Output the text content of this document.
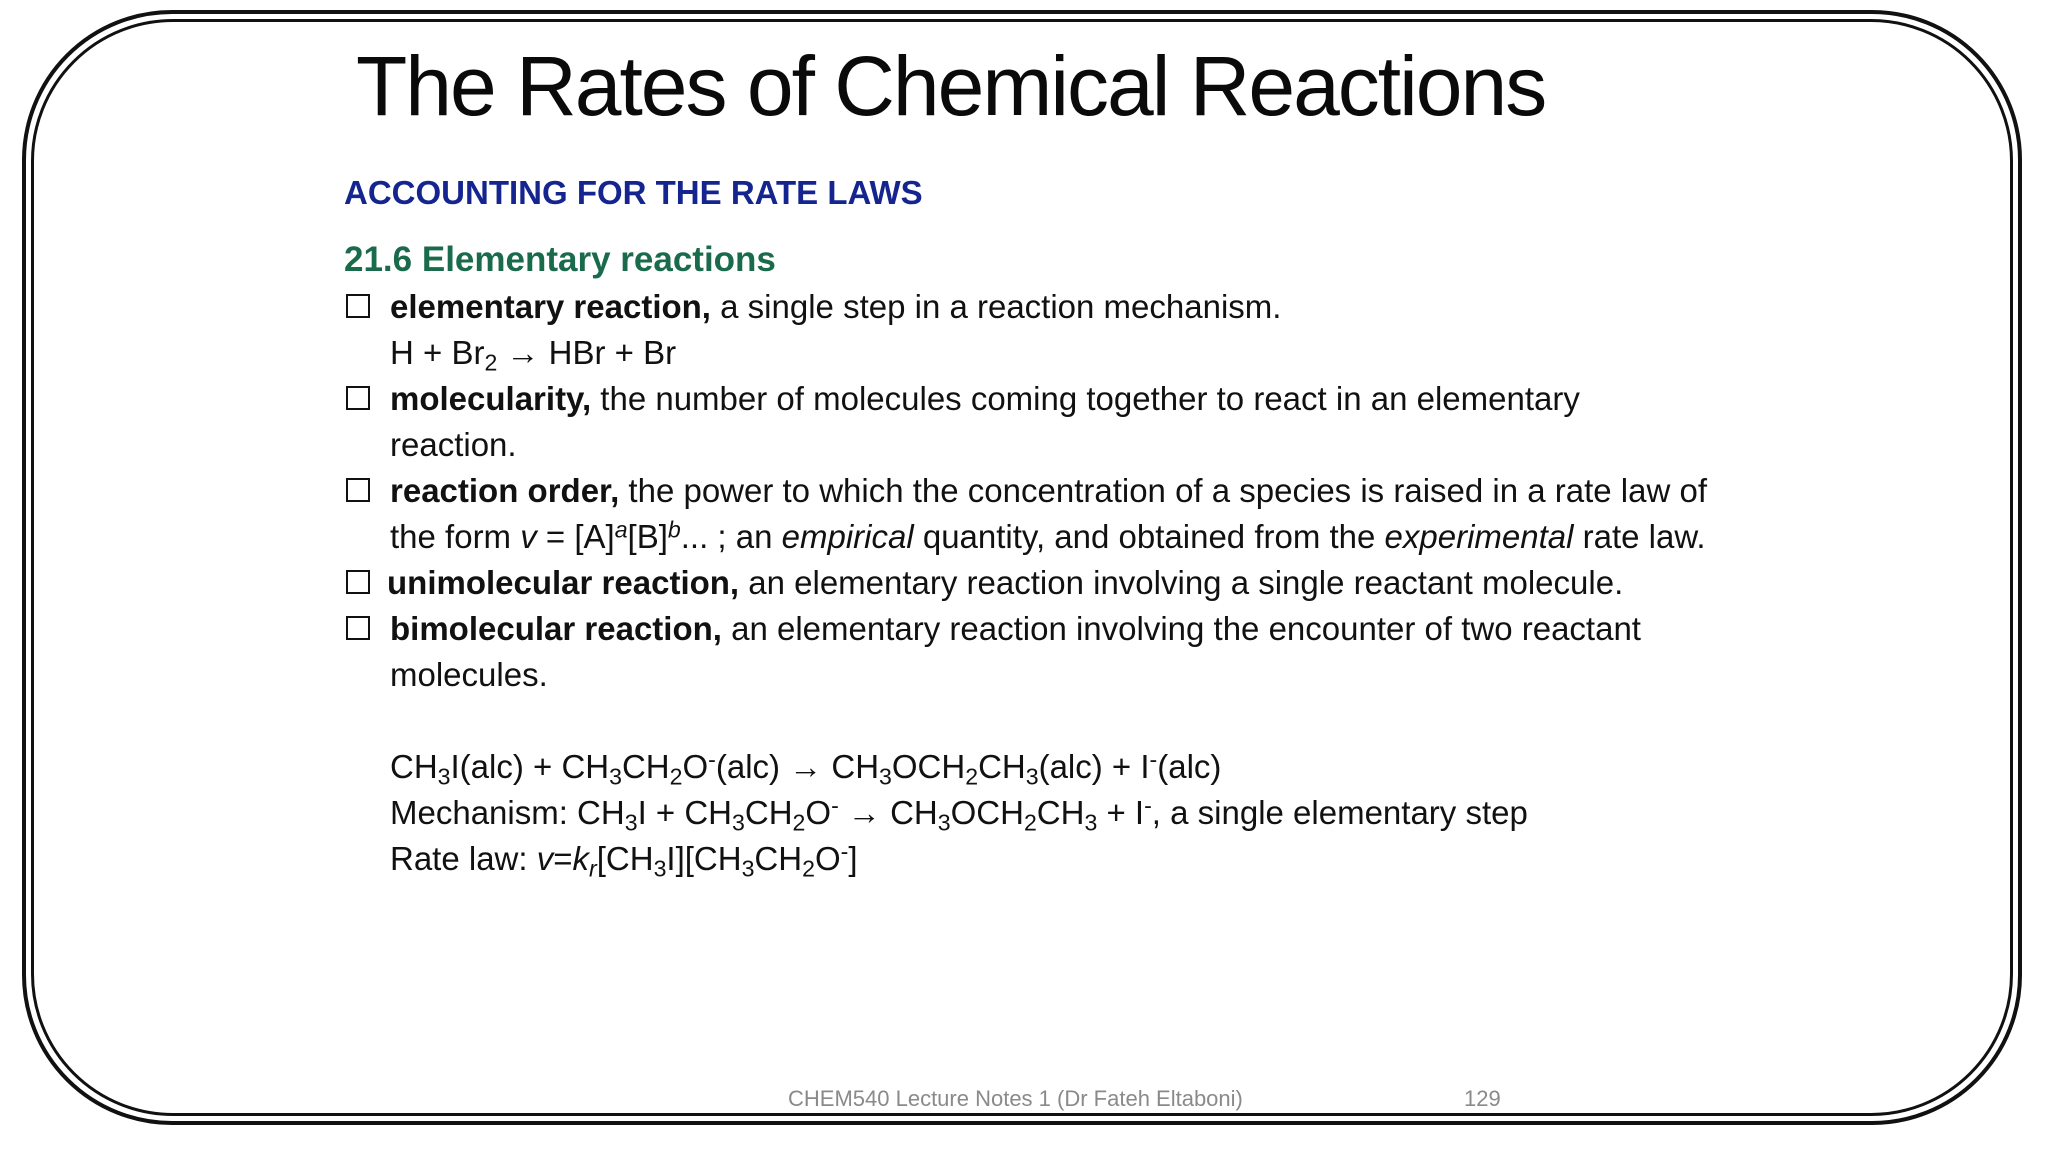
The Rates of Chemical Reactions
ACCOUNTING FOR THE RATE LAWS
21.6 Elementary reactions
elementary reaction, a single step in a reaction mechanism.
$H + Br_2$ → HBr + Br
molecularity, the number of molecules coming together to react in an elementary reaction.
reaction order, the power to which the concentration of a species is raised in a rate law of the form $v = [A]^a[B]^b$... ; an empirical quantity, and obtained from the experimental rate law.
unimolecular reaction, an elementary reaction involving a single reactant molecule.
bimolecular reaction, an elementary reaction involving the encounter of two reactant molecules.
$CH_3I(alc) + CH_3CH_2O^-(alc) \to CH_3OCH_2CH_3(alc) + I^-(alc)$
Mechanism: $CH_3I + CH_3CH_2O^- \to CH_3OCH_2CH_3 + I^-$, a single elementary step
Rate law: $v=k_r[CH_3I][CH_3CH_2O^-]$
CHEM540 Lecture Notes 1 (Dr Fateh Eltaboni)	129
